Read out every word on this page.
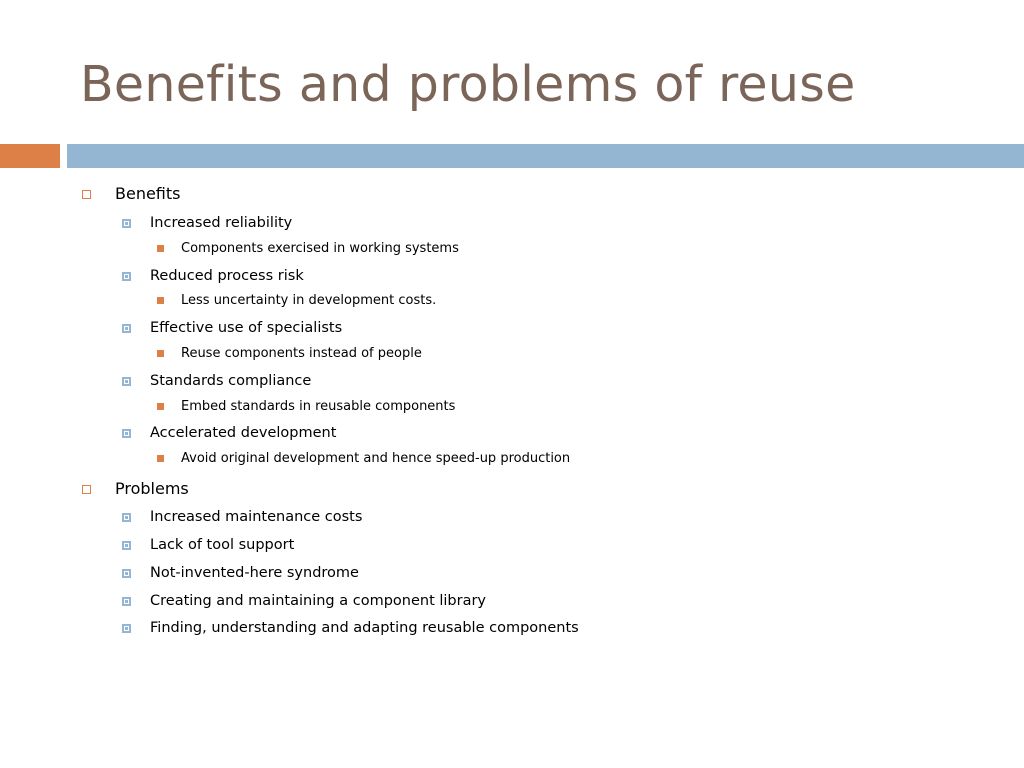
Benefits and problems of reuse
Benefits
Increased reliability
Components exercised in working systems
Reduced process risk
Less uncertainty in development costs.
Effective use of specialists
Reuse components instead of people
Standards compliance
Embed standards in reusable components
Accelerated development
Avoid original development and hence speed-up production
Problems
Increased maintenance costs
Lack of tool support
Not-invented-here syndrome
Creating and maintaining a component library
Finding, understanding and adapting reusable components
